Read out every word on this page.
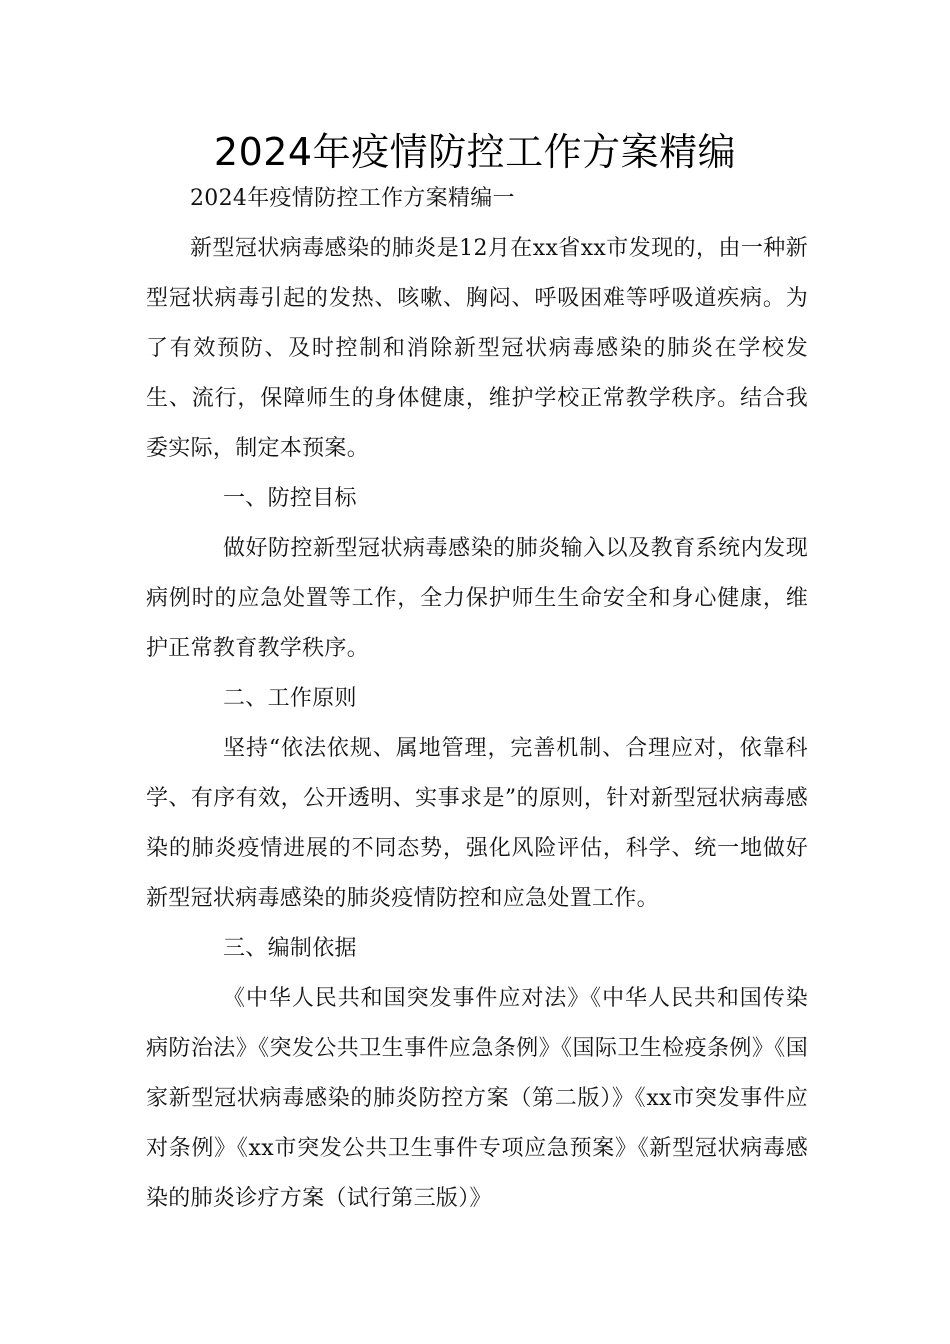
2024年疫情防控工作方案精编

2024年疫情防控工作方案精编一

新型冠状病毒感染的肺炎是12月在xx省xx市发现的，由一种新型冠状病毒引起的发热、咳嗽、胸闷、呼吸困难等呼吸道疾病。为了有效预防、及时控制和消除新型冠状病毒感染的肺炎在学校发生、流行，保障师生的身体健康，维护学校正常教学秩序。结合我委实际，制定本预案。

一、防控目标

做好防控新型冠状病毒感染的肺炎输入以及教育系统内发现病例时的应急处置等工作，全力保护师生生命安全和身心健康，维护正常教育教学秩序。

二、工作原则

坚持“依法依规、属地管理，完善机制、合理应对，依靠科学、有序有效，公开透明、实事求是”的原则，针对新型冠状病毒感染的肺炎疫情进展的不同态势，强化风险评估，科学、统一地做好新型冠状病毒感染的肺炎疫情防控和应急处置工作。

三、编制依据

《中华人民共和国突发事件应对法》《中华人民共和国传染病防治法》《突发公共卫生事件应急条例》《国际卫生检疫条例》《国家新型冠状病毒感染的肺炎防控方案（第二版）》《xx市突发事件应对条例》《xx市突发公共卫生事件专项应急预案》《新型冠状病毒感染的肺炎诊疗方案（试行第三版）》
